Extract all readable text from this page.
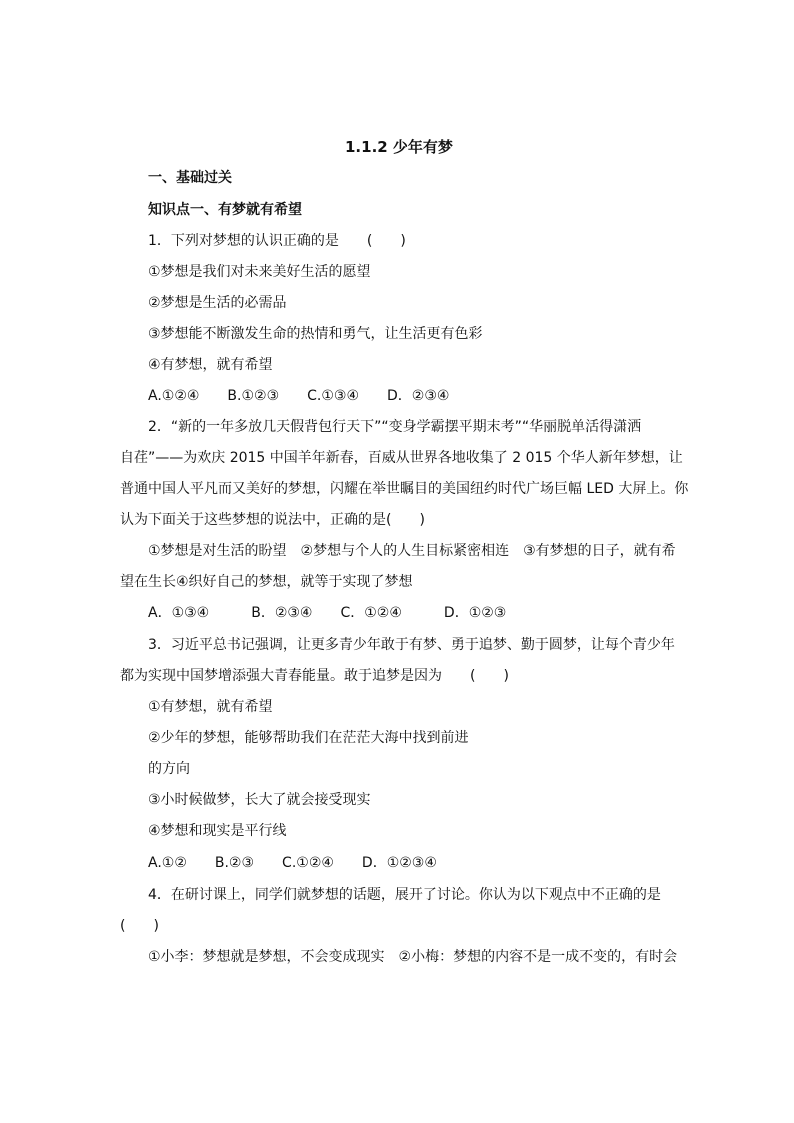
1.1.2 少年有梦
一、基础过关
知识点一、有梦就有希望
1．下列对梦想的认识正确的是　　(　　)
①梦想是我们对未来美好生活的愿望
②梦想是生活的必需品
③梦想能不断激发生命的热情和勇气，让生活更有色彩
④有梦想，就有希望
A.①②④　　B.①②③　　C.①③④　　D．②③④
2．“新的一年多放几天假背包行天下”“变身学霸摆平期末考”“华丽脱单活得潇洒
自荏”——为欢庆 2015 中国羊年新春，百威从世界各地收集了 2 015 个华人新年梦想，让
普通中国人平凡而又美好的梦想，闪耀在举世瞩目的美国纽约时代广场巨幅 LED 大屏上。你
认为下面关于这些梦想的说法中，正确的是(　　)
①梦想是对生活的盼望　②梦想与个人的人生目标紧密相连　③有梦想的日子，就有希
望在生长④织好自己的梦想，就等于实现了梦想
A．①③④　　　B．②③④　　C．①②④　　　D．①②③
3．习近平总书记强调，让更多青少年敢于有梦、勇于追梦、勤于圆梦，让每个青少年
都为实现中国梦增添强大青春能量。敢于追梦是因为　　(　　)
①有梦想，就有希望
②少年的梦想，能够帮助我们在茫茫大海中找到前进
的方向
③小时候做梦，长大了就会接受现实
④梦想和现实是平行线
A.①②　　B.②③　　C.①②④　　D．①②③④
4．在研讨课上，同学们就梦想的话题，展开了讨论。你认为以下观点中不正确的是
(　　)
①小李：梦想就是梦想，不会变成现实　②小梅：梦想的内容不是一成不变的，有时会
